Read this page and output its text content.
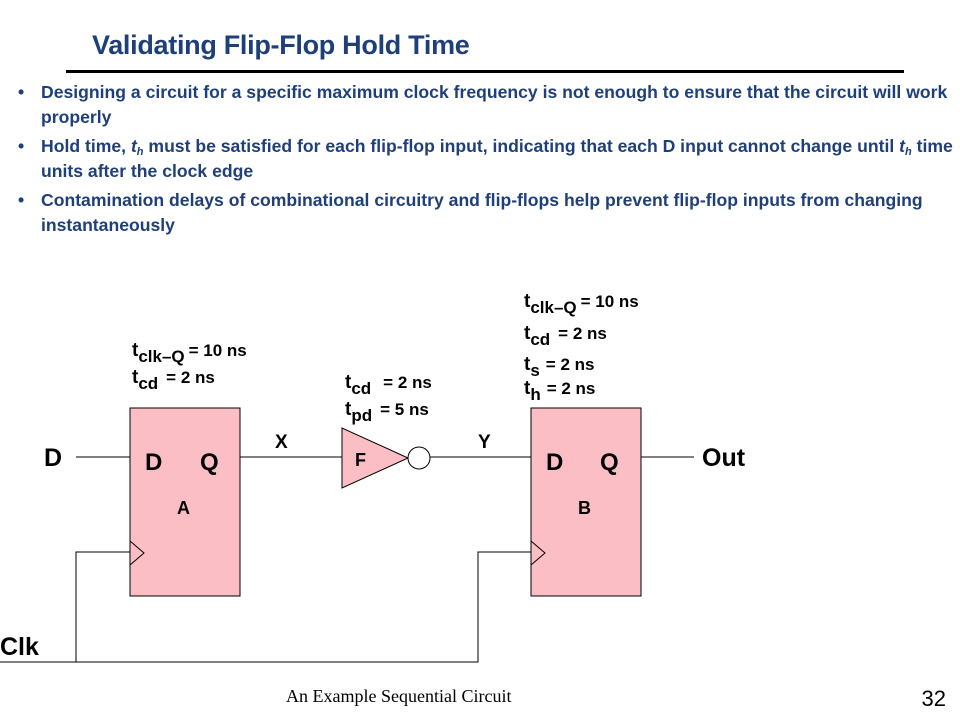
Validating Flip-Flop Hold Time
• Designing a circuit for a specific maximum clock frequency is not enough to ensure that the circuit will work properly
• Hold time, $t_h$ must be satisfied for each flip-flop input, indicating that each D input cannot change until $t_h$ time units after the clock edge
• Contamination delays of combinational circuitry and flip-flops help prevent flip-flop inputs from changing instantaneously
D Q
A
tclk–Q = 10 ns
tcd = 2 ns
F
tcd = 2 ns
tpd = 5 ns
D Q
B
tclk–Q = 10 ns
tcd = 2 ns
ts = 2 ns
th = 2 ns
D
X	Y
Out
Clk
An Example Sequential Circuit	32
